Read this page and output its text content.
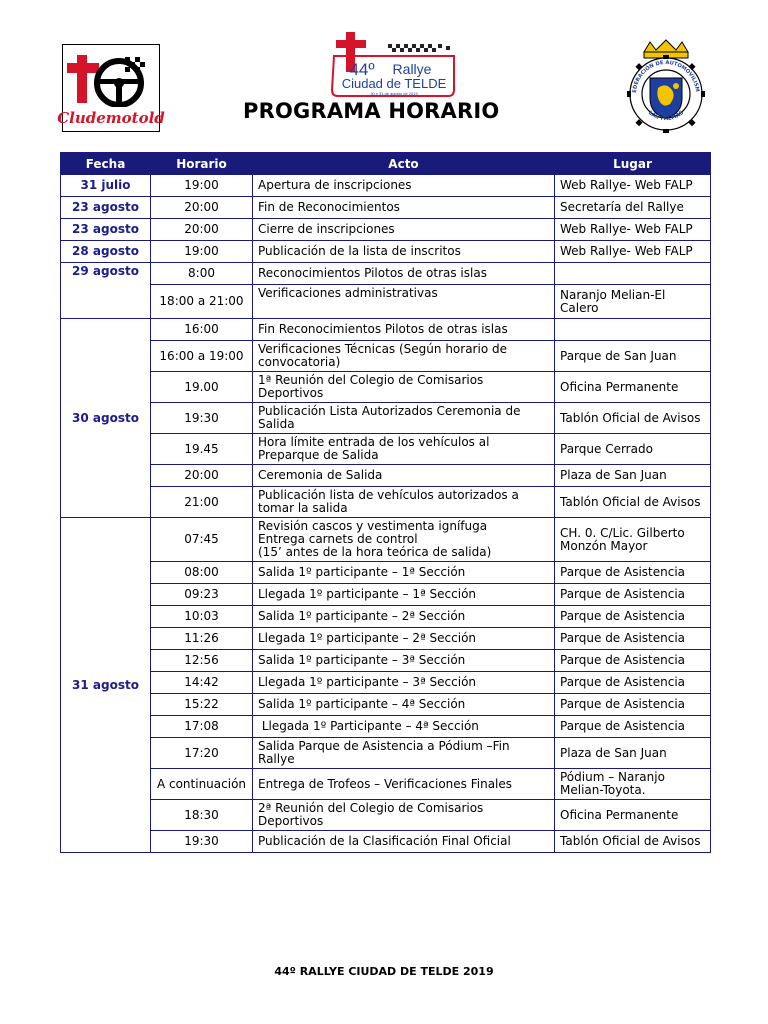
Cludemotold
44º Rallye
Ciudad de TELDE
30 y 31 de agosto de 2019	EDERACIÓN DE AUTOMOVILISM
LAS PALMAS
PROGRAMA HORARIO
Fecha	Horario	Acto	Lugar
31 julio	19:00	Apertura de inscripciones	Web Rallye- Web FALP
23 agosto	20:00	Fin de Reconocimientos	Secretaría del Rallye
23 agosto	20:00	Cierre de inscripciones	Web Rallye- Web FALP
28 agosto	19:00	Publicación de la lista de inscritos	Web Rallye- Web FALP
29 agosto	8:00	Reconocimientos Pilotos de otras islas	
	18:00 a 21:00	Verificaciones administrativas	Naranjo Melian-El Calero
30 agosto	16:00	Fin Reconocimientos Pilotos de otras islas	
	16:00 a 19:00	Verificaciones Técnicas (Según horario de convocatoria)	Parque de San Juan
	19.00	1ª Reunión del Colegio de Comisarios Deportivos	Oficina Permanente
	19:30	Publicación Lista Autorizados Ceremonia de Salida	Tablón Oficial de Avisos
	19.45	Hora límite entrada de los vehículos al Preparque de Salida	Parque Cerrado
	20:00	Ceremonia de Salida	Plaza de San Juan
	21:00	Publicación lista de vehículos autorizados a tomar la salida	Tablón Oficial de Avisos
31 agosto	07:45	Revisión cascos y vestimenta ignífuga
Entrega carnets de control
(15’ antes de la hora teórica de salida)	CH. 0. C/Lic. Gilberto Monzón Mayor
	08:00	Salida 1º participante – 1ª Sección	Parque de Asistencia
	09:23	Llegada 1º participante – 1ª Sección	Parque de Asistencia
	10:03	Salida 1º participante – 2ª Sección	Parque de Asistencia
	11:26	Llegada 1º participante – 2ª Sección	Parque de Asistencia
	12:56	Salida 1º participante – 3ª Sección	Parque de Asistencia
	14:42	Llegada 1º participante – 3ª Sección	Parque de Asistencia
	15:22	Salida 1º participante – 4ª Sección	Parque de Asistencia
	17:08	Llegada 1º Participante – 4ª Sección	Parque de Asistencia
	17:20	Salida Parque de Asistencia a Pódium –Fin Rallye	Plaza de San Juan
	A continuación	Entrega de Trofeos – Verificaciones Finales	Pódium – Naranjo Melian-Toyota.
	18:30	2ª Reunión del Colegio de Comisarios Deportivos	Oficina Permanente
	19:30	Publicación de la Clasificación Final Oficial	Tablón Oficial de Avisos
44º RALLYE CIUDAD DE TELDE 2019
